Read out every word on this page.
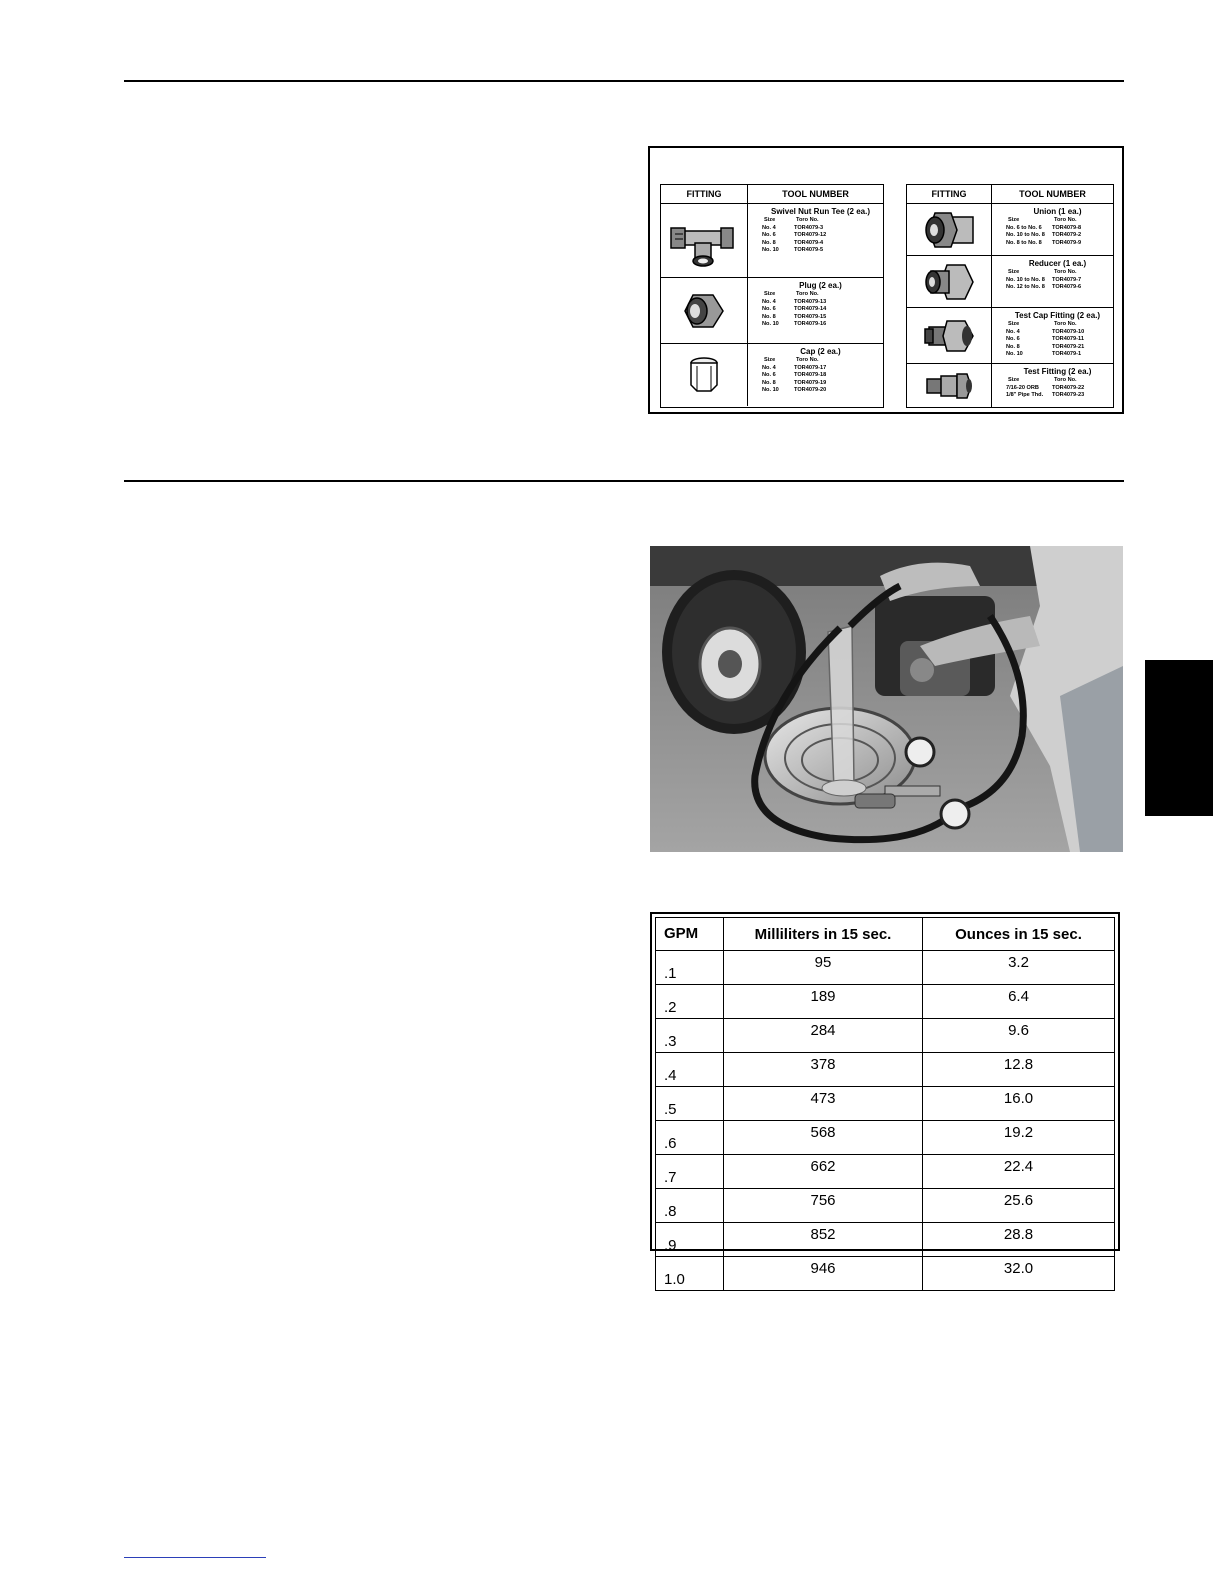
FITTING	TOOL NUMBER
Swivel Nut Run Tee (2 ea.)
Size	Toro No.
No. 4	TOR4079-3
No. 6	TOR4079-12
No. 8	TOR4079-4
No. 10	TOR4079-5
Plug (2 ea.)
Size	Toro No.
No. 4	TOR4079-13
No. 6	TOR4079-14
No. 8	TOR4079-15
No. 10	TOR4079-16
Cap (2 ea.)
Size	Toro No.
No. 4	TOR4079-17
No. 6	TOR4079-18
No. 8	TOR4079-19
No. 10	TOR4079-20
FITTING	TOOL NUMBER
Union (1 ea.)
Size	Toro No.
No. 6 to No. 6	TOR4079-8
No. 10 to No. 8	TOR4079-2
No. 8 to No. 8	TOR4079-9
Reducer (1 ea.)
Size	Toro No.
No. 10 to No. 8	TOR4079-7
No. 12 to No. 8	TOR4079-6
Test Cap Fitting (2 ea.)
Size	Toro No.
No. 4	TOR4079-10
No. 6	TOR4079-11
No. 8	TOR4079-21
No. 10	TOR4079-1
Test Fitting (2 ea.)
Size	Toro No.
7/16-20 ORB	TOR4079-22
1/8" Pipe Thd.	TOR4079-23
GPM	Milliliters in 15 sec.	Ounces in 15 sec.
.1	95	3.2
.2	189	6.4
.3	284	9.6
.4	378	12.8
.5	473	16.0
.6	568	19.2
.7	662	22.4
.8	756	25.6
.9	852	28.8
1.0	946	32.0
